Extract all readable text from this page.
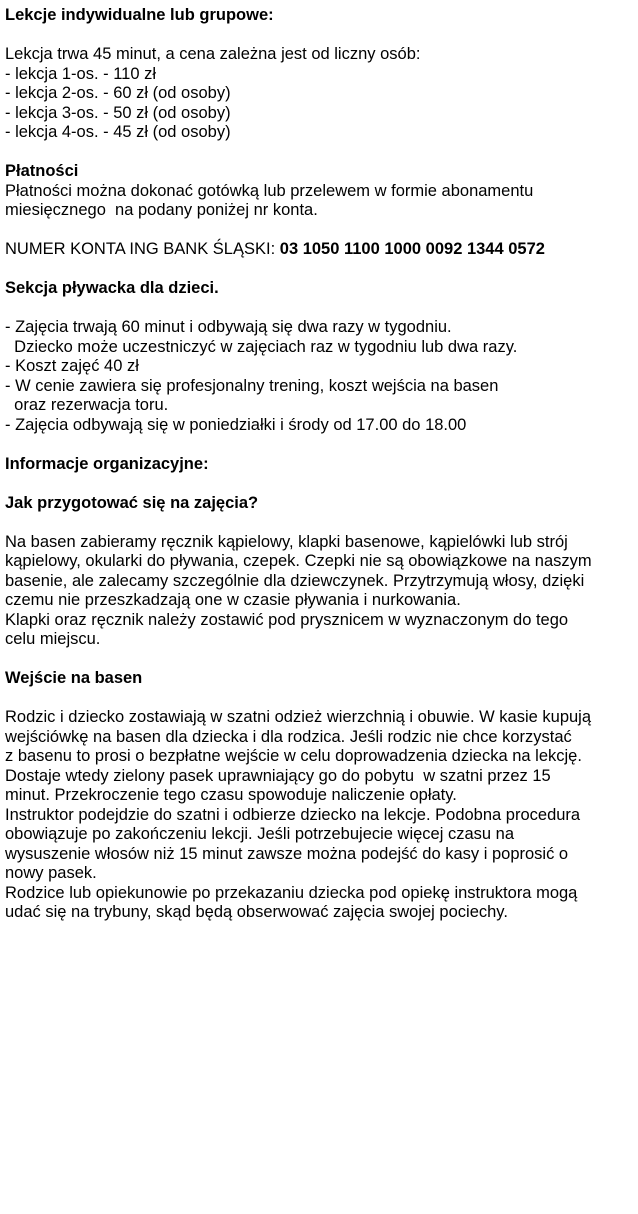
Lekcje indywidualne lub grupowe:

Lekcja trwa 45 minut, a cena zależna jest od liczny osób:

- lekcja 1-os. - 110 zł

- lekcja 2-os. - 60 zł (od osoby)

- lekcja 3-os. - 50 zł (od osoby)

- lekcja 4-os. - 45 zł (od osoby)

Płatności

Płatności można dokonać gotówką lub przelewem w formie abonamentu

miesięcznego  na podany poniżej nr konta.

NUMER KONTA ING BANK ŚLĄSKI: 03 1050 1100 1000 0092 1344 0572

Sekcja pływacka dla dzieci.

- Zajęcia trwają 60 minut i odbywają się dwa razy w tygodniu.

Dziecko może uczestniczyć w zajęciach raz w tygodniu lub dwa razy.

- Koszt zajęć 40 zł

- W cenie zawiera się profesjonalny trening, koszt wejścia na basen

oraz rezerwacja toru.

- Zajęcia odbywają się w poniedziałki i środy od 17.00 do 18.00

Informacje organizacyjne:

Jak przygotować się na zajęcia?

Na basen zabieramy ręcznik kąpielowy, klapki basenowe, kąpielówki lub strój

kąpielowy, okularki do pływania, czepek. Czepki nie są obowiązkowe na naszym

basenie, ale zalecamy szczególnie dla dziewczynek. Przytrzymują włosy, dzięki

czemu nie przeszkadzają one w czasie pływania i nurkowania.

Klapki oraz ręcznik należy zostawić pod prysznicem w wyznaczonym do tego

celu miejscu.

Wejście na basen

Rodzic i dziecko zostawiają w szatni odzież wierzchnią i obuwie. W kasie kupują

wejściówkę na basen dla dziecka i dla rodzica. Jeśli rodzic nie chce korzystać

z basenu to prosi o bezpłatne wejście w celu doprowadzenia dziecka na lekcję.

Dostaje wtedy zielony pasek uprawniający go do pobytu  w szatni przez 15

minut. Przekroczenie tego czasu spowoduje naliczenie opłaty.

Instruktor podejdzie do szatni i odbierze dziecko na lekcje. Podobna procedura

obowiązuje po zakończeniu lekcji. Jeśli potrzebujecie więcej czasu na

wysuszenie włosów niż 15 minut zawsze można podejść do kasy i poprosić o

nowy pasek.

Rodzice lub opiekunowie po przekazaniu dziecka pod opiekę instruktora mogą

udać się na trybuny, skąd będą obserwować zajęcia swojej pociechy.
